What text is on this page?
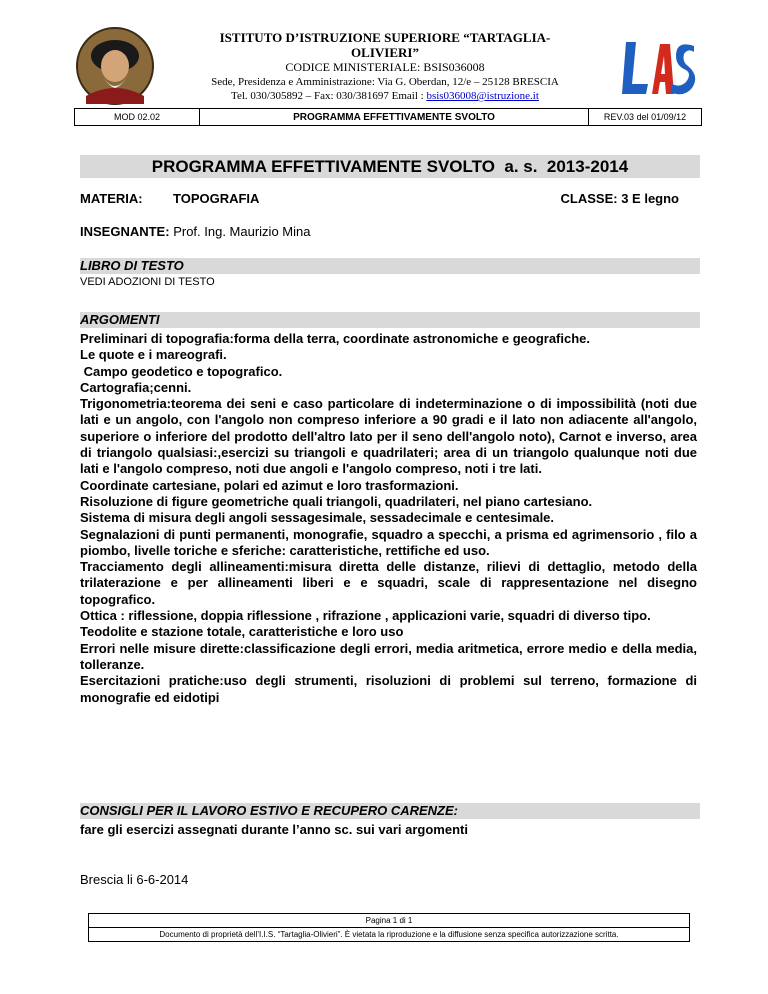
ISTITUTO D’ISTRUZIONE SUPERIORE “TARTAGLIA-
OLIVIERI”
CODICE MINISTERIALE: BSIS036008
Sede, Presidenza e Amministrazione: Via G. Oberdan, 12/e – 25128 BRESCIA
Tel. 030/305892 – Fax: 030/381697 Email : bsis036008@istruzione.it
MOD 02.02	PROGRAMMA EFFETTIVAMENTE SVOLTO	REV.03 del 01/09/12
PROGRAMMA EFFETTIVAMENTE SVOLTO  a. s.  2013-2014
MATERIA: TOPOGRAFIA	CLASSE: 3 E legno
INSEGNANTE: Prof. Ing. Maurizio Mina
LIBRO DI TESTO
VEDI ADOZIONI DI TESTO
ARGOMENTI

Preliminari di topografia:forma della terra, coordinate astronomiche e geografiche.

Le quote e i mareografi.

Campo geodetico e topografico.

Cartografia;cenni.

Trigonometria:teorema dei seni e caso particolare di indeterminazione o di impossibilità (noti due lati e un angolo, con l'angolo non compreso inferiore a 90 gradi e il lato non adiacente all'angolo, superiore o inferiore del prodotto dell'altro lato per il seno dell'angolo noto), Carnot e inverso, area di triangolo qualsiasi:,esercizi su triangoli e quadrilateri; area di un triangolo qualunque noti due lati e l'angolo compreso, noti due angoli e l'angolo compreso, noti i tre lati.

Coordinate cartesiane, polari ed azimut e loro trasformazioni.

Risoluzione di figure geometriche quali triangoli, quadrilateri, nel piano cartesiano.

Sistema di misura degli angoli sessagesimale, sessadecimale e centesimale.

Segnalazioni di punti permanenti, monografie, squadro a specchi, a prisma ed agrimensorio , filo a piombo, livelle toriche e sferiche: caratteristiche, rettifiche ed uso.

Tracciamento degli allineamenti:misura diretta delle distanze, rilievi di dettaglio, metodo della trilaterazione e per allineamenti liberi e e squadri, scale di rappresentazione nel disegno topografico.

Ottica : riflessione, doppia riflessione , rifrazione , applicazioni varie, squadri di diverso tipo.

Teodolite e stazione totale, caratteristiche e loro uso

Errori nelle misure dirette:classificazione degli errori, media aritmetica, errore medio e della media, tolleranze.

Esercitazioni pratiche:uso degli strumenti, risoluzioni di problemi sul terreno, formazione di monografie ed eidotipi

CONSIGLI PER IL LAVORO ESTIVO E RECUPERO CARENZE:
fare gli esercizi assegnati durante l’anno sc. sui vari argomenti
Brescia li 6-6-2014
Pagina 1 di 1
Documento di proprietà dell’I.I.S. “Tartaglia-Olivieri”. È vietata la riproduzione e la diffusione senza specifica autorizzazione scritta.
